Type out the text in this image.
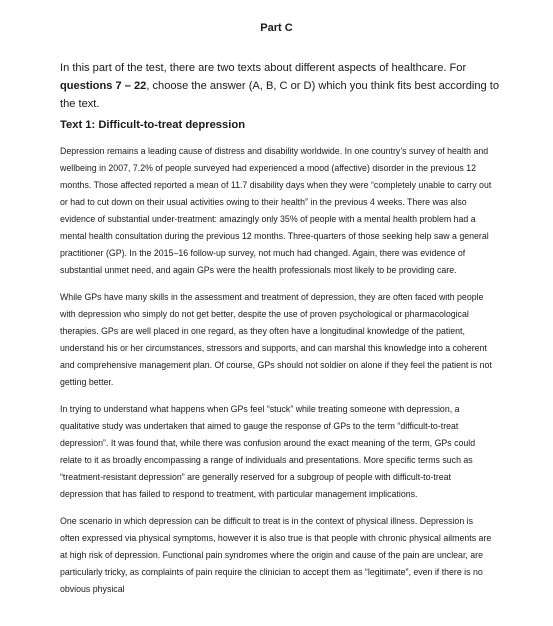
Part C

In this part of the test, there are two texts about different aspects of healthcare. For questions 7 – 22, choose the answer (A, B, C or D) which you think fits best according to the text.

Text 1: Difficult-to-treat depression

Depression remains a leading cause of distress and disability worldwide. In one country’s survey of health and wellbeing in 2007, 7.2% of people surveyed had experienced a mood (affective) disorder in the previous 12 months. Those affected reported a mean of 11.7 disability days when they were “completely unable to carry out or had to cut down on their usual activities owing to their health” in the previous 4 weeks. There was also evidence of substantial under-treatment: amazingly only 35% of people with a mental health problem had a mental health consultation during the previous 12 months. Three-quarters of those seeking help saw a general practitioner (GP). In the 2015–16 follow-up survey, not much had changed. Again, there was evidence of substantial unmet need, and again GPs were the health professionals most likely to be providing care.

While GPs have many skills in the assessment and treatment of depression, they are often faced with people with depression who simply do not get better, despite the use of proven psychological or pharmacological therapies. GPs are well placed in one regard, as they often have a longitudinal knowledge of the patient, understand his or her circumstances, stressors and supports, and can marshal this knowledge into a coherent and comprehensive management plan. Of course, GPs should not soldier on alone if they feel the patient is not getting better.

In trying to understand what happens when GPs feel “stuck” while treating someone with depression, a qualitative study was undertaken that aimed to gauge the response of GPs to the term “difficult-to-treat depression”. It was found that, while there was confusion around the exact meaning of the term, GPs could relate to it as broadly encompassing a range of individuals and presentations. More specific terms such as “treatment-resistant depression” are generally reserved for a subgroup of people with difficult-to-treat depression that has failed to respond to treatment, with particular management implications.

One scenario in which depression can be difficult to treat is in the context of physical illness. Depression is often expressed via physical symptoms, however it is also true is that people with chronic physical ailments are at high risk of depression. Functional pain syndromes where the origin and cause of the pain are unclear, are particularly tricky, as complaints of pain require the clinician to accept them as “legitimate”, even if there is no obvious physical
